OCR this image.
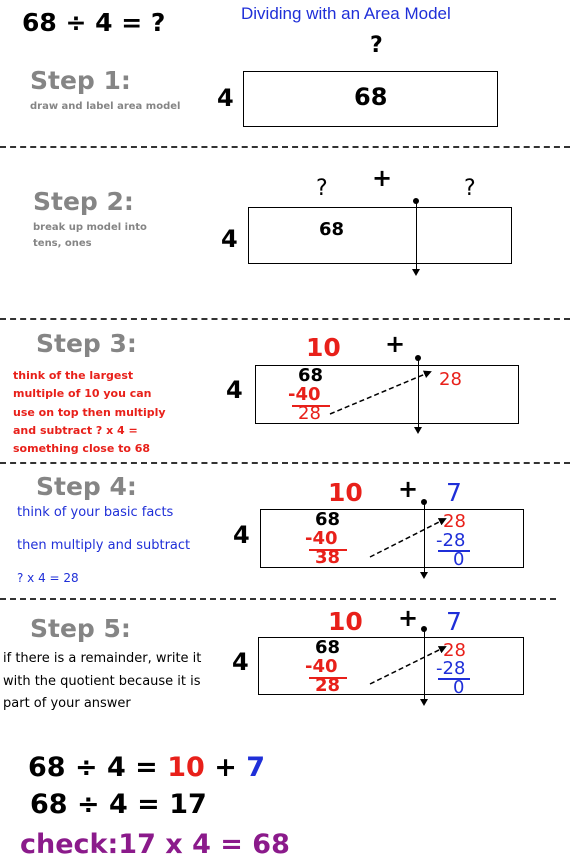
68 ÷ 4 = ?	Dividing with an Area Model
?
Step 1:
draw and label area model 4	68
Step 2:
break up model into
tens, ones
? +	?
4	68
Step 3:
think of the largest
multiple of 10 you can
use on top then multiply
and subtract ? x 4 =
something close to 68
10 +
4
68
-40
28
28
Step 4:
think of your basic facts
then multiply and subtract
? x 4 = 28
10 + 7
4
68
-40
38
28
-28
0
Step 5:
if there is a remainder, write it
with the quotient because it is
part of your answer
10 + 7
4
68
-40
28
28
-28
0
68 ÷ 4 = 10 + 7
68 ÷ 4 = 17
check:17 x 4 = 68
